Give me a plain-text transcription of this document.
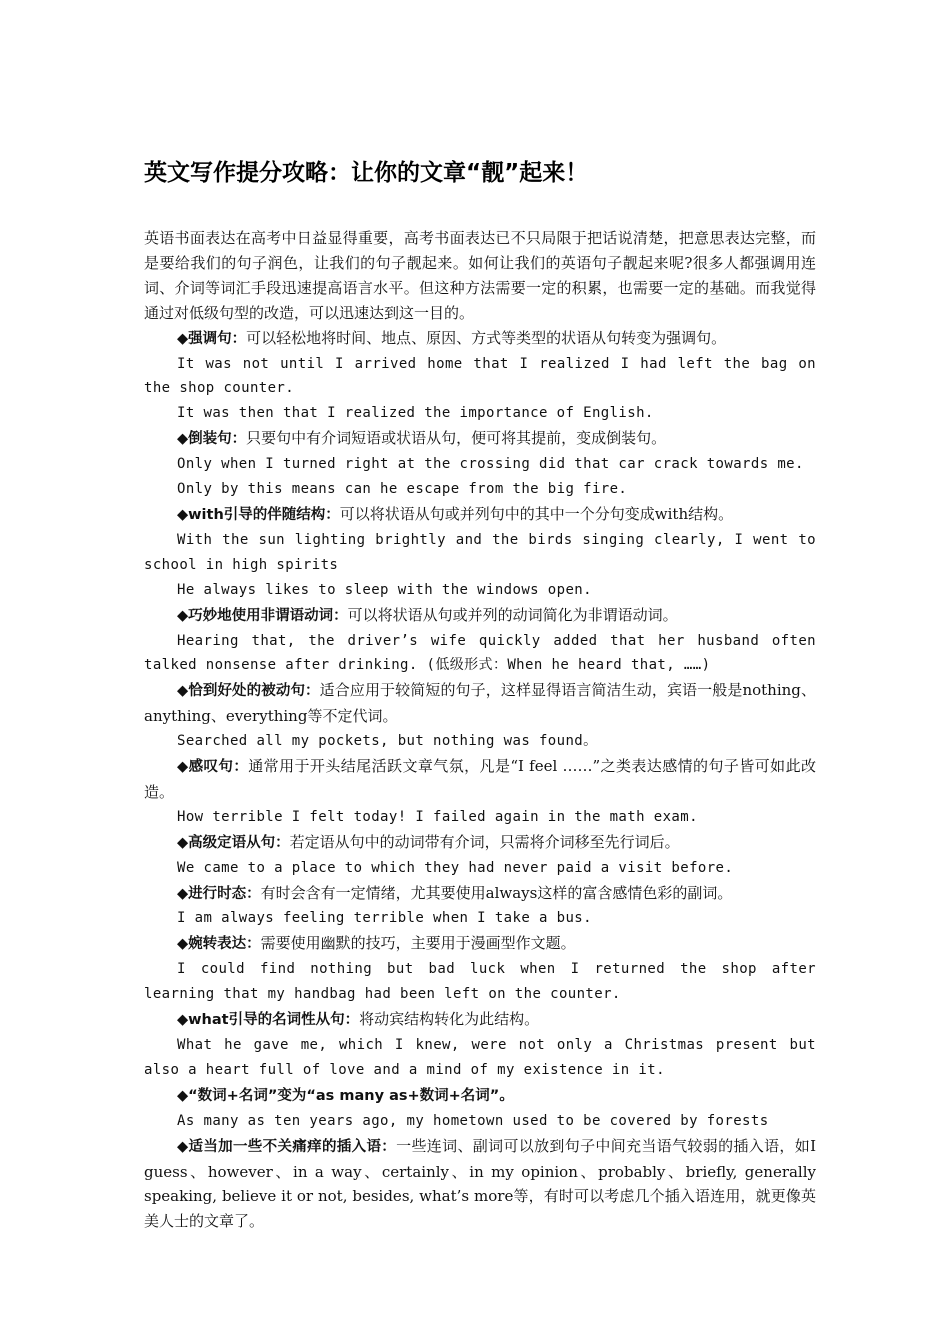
英文写作提分攻略：让你的文章“靓”起来！

英语书面表达在高考中日益显得重要，高考书面表达已不只局限于把话说清楚，把意思表达完整，而是要给我们的句子润色，让我们的句子靓起来。如何让我们的英语句子靓起来呢?很多人都强调用连词、介词等词汇手段迅速提高语言水平。但这种方法需要一定的积累，也需要一定的基础。而我觉得通过对低级句型的改造，可以迅速达到这一目的。

◆强调句：可以轻松地将时间、地点、原因、方式等类型的状语从句转变为强调句。

It was not until I arrived home that I realized I had left the bag on the shop counter.

It was then that I realized the importance of English.

◆倒装句：只要句中有介词短语或状语从句，便可将其提前，变成倒装句。

Only when I turned right at the crossing did that car crack towards me.

Only by this means can he escape from the big fire.

◆with引导的伴随结构：可以将状语从句或并列句中的其中一个分句变成with结构。

With the sun lighting brightly and the birds singing clearly, I went to school in high spirits

He always likes to sleep with the windows open.

◆巧妙地使用非谓语动词：可以将状语从句或并列的动词简化为非谓语动词。

Hearing that, the driver’s wife quickly added that her husband often talked nonsense after drinking. (低级形式：When he heard that, ……)

◆恰到好处的被动句：适合应用于较简短的句子，这样显得语言简洁生动，宾语一般是nothing、anything、everything等不定代词。

Searched all my pockets, but nothing was found。

◆感叹句：通常用于开头结尾活跃文章气氛，凡是“I feel ……”之类表达感情的句子皆可如此改造。

How terrible I felt today! I failed again in the math exam.

◆高级定语从句：若定语从句中的动词带有介词，只需将介词移至先行词后。

We came to a place to which they had never paid a visit before.

◆进行时态：有时会含有一定情绪，尤其要使用always这样的富含感情色彩的副词。

I am always feeling terrible when I take a bus.

◆婉转表达：需要使用幽默的技巧，主要用于漫画型作文题。

I could find nothing but bad luck when I returned the shop after learning that my handbag had been left on the counter.

◆what引导的名词性从句：将动宾结构转化为此结构。

What he gave me, which I knew, were not only a Christmas present but also a heart full of love and a mind of my existence in it.

◆“数词+名词”变为“as many as+数词+名词”。

As many as ten years ago, my hometown used to be covered by forests

◆适当加一些不关痛痒的插入语：一些连词、副词可以放到句子中间充当语气较弱的插入语，如I guess、however、in a way、certainly、in my opinion、probably、briefly, generally speaking, believe it or not, besides, what’s more等，有时可以考虑几个插入语连用，就更像英美人士的文章了。
